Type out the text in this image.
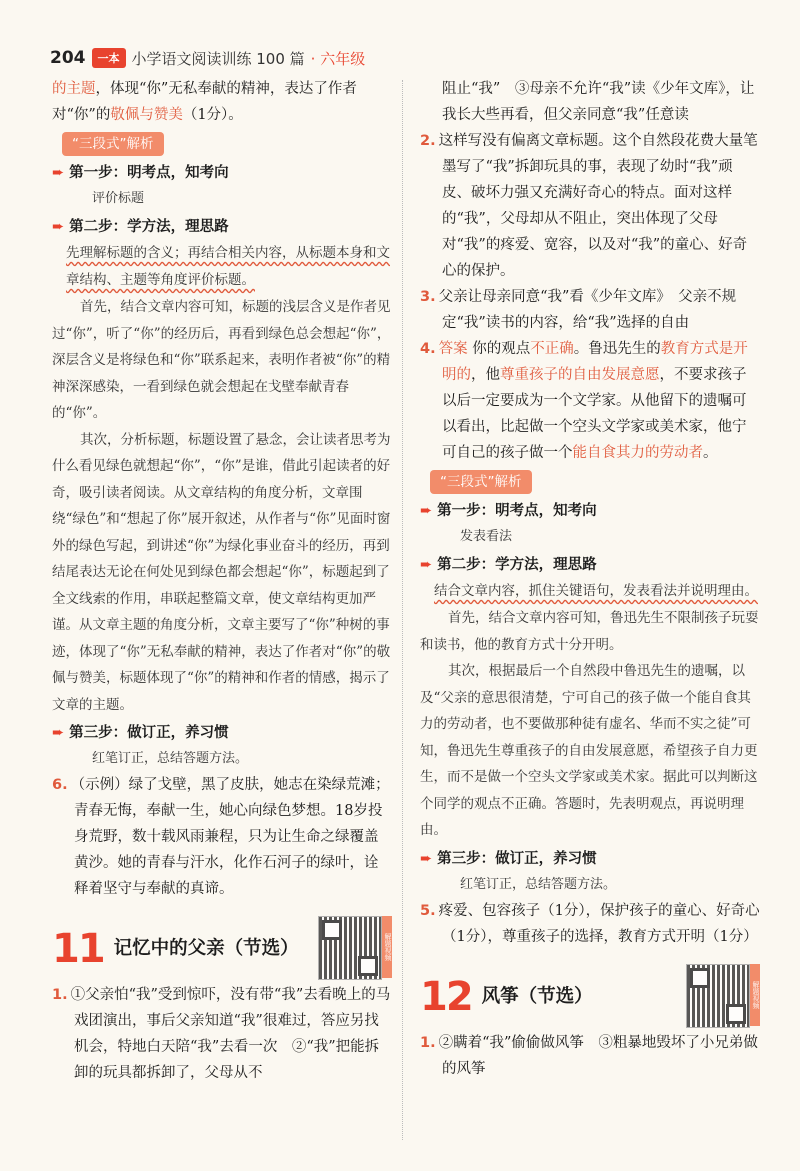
204	一本 小学语文阅读训练 100 篇 · 六年级

的主题，体现“你”无私奉献的精神，表达了作者对“你”的敬佩与赞美（1分）。

“三段式”解析
➨ 第一步：明考点，知考向
评价标题
➨ 第二步：学方法，理思路
先理解标题的含义；再结合相关内容，从标题本身和文章结构、主题等角度评价标题。

首先，结合文章内容可知，标题的浅层含义是作者见过“你”，听了“你”的经历后，再看到绿色总会想起“你”，深层含义是将绿色和“你”联系起来，表明作者被“你”的精神深深感染，一看到绿色就会想起在戈壁奉献青春的“你”。

其次，分析标题，标题设置了悬念，会让读者思考为什么看见绿色就想起“你”，“你”是谁，借此引起读者的好奇，吸引读者阅读。从文章结构的角度分析，文章围绕“绿色”和“想起了你”展开叙述，从作者与“你”见面时窗外的绿色写起，到讲述“你”为绿化事业奋斗的经历，再到结尾表达无论在何处见到绿色都会想起“你”，标题起到了全文线索的作用，串联起整篇文章，使文章结构更加严谨。从文章主题的角度分析，文章主要写了“你”种树的事迹，体现了“你”无私奉献的精神，表达了作者对“你”的敬佩与赞美，标题体现了“你”的精神和作者的情感，揭示了文章的主题。

➨ 第三步：做订正，养习惯
红笔订正，总结答题方法。

6. （示例）绿了戈壁，黑了皮肤，她志在染绿荒滩；青春无悔，奉献一生，她心向绿色梦想。18岁投身荒野，数十载风雨兼程，只为让生命之绿覆盖黄沙。她的青春与汗水，化作石河子的绿叶，诠释着坚守与奉献的真谛。

11 记忆中的父亲（节选）	解题视频

1. ①父亲怕“我”受到惊吓，没有带“我”去看晚上的马戏团演出，事后父亲知道“我”很难过，答应另找机会，特地白天陪“我”去看一次　②“我”把能拆卸的玩具都拆卸了，父母从不

阻止“我”　③母亲不允许“我”读《少年文库》，让我长大些再看，但父亲同意“我”任意读

2. 这样写没有偏离文章标题。这个自然段花费大量笔墨写了“我”拆卸玩具的事，表现了幼时“我”顽皮、破坏力强又充满好奇心的特点。面对这样的“我”，父母却从不阻止，突出体现了父母对“我”的疼爱、宽容，以及对“我”的童心、好奇心的保护。

3. 父亲让母亲同意“我”看《少年文库》　父亲不规定“我”读书的内容，给“我”选择的自由

4. 答案 你的观点不正确。鲁迅先生的教育方式是开明的，他尊重孩子的自由发展意愿，不要求孩子以后一定要成为一个文学家。从他留下的遗嘱可以看出，比起做一个空头文学家或美术家，他宁可自己的孩子做一个能自食其力的劳动者。

“三段式”解析
➨ 第一步：明考点，知考向
发表看法
➨ 第二步：学方法，理思路
结合文章内容，抓住关键语句，发表看法并说明理由。

首先，结合文章内容可知，鲁迅先生不限制孩子玩耍和读书，他的教育方式十分开明。

其次，根据最后一个自然段中鲁迅先生的遗嘱，以及“父亲的意思很清楚，宁可自己的孩子做一个能自食其力的劳动者，也不要做那种徒有虚名、华而不实之徒”可知，鲁迅先生尊重孩子的自由发展意愿，希望孩子自力更生，而不是做一个空头文学家或美术家。据此可以判断这个同学的观点不正确。答题时，先表明观点，再说明理由。

➨ 第三步：做订正，养习惯
红笔订正，总结答题方法。

5. 疼爱、包容孩子（1分），保护孩子的童心、好奇心（1分），尊重孩子的选择，教育方式开明（1分）

12 风筝（节选）	解题视频

1. ②瞒着“我”偷偷做风筝　③粗暴地毁坏了小兄弟做的风筝
